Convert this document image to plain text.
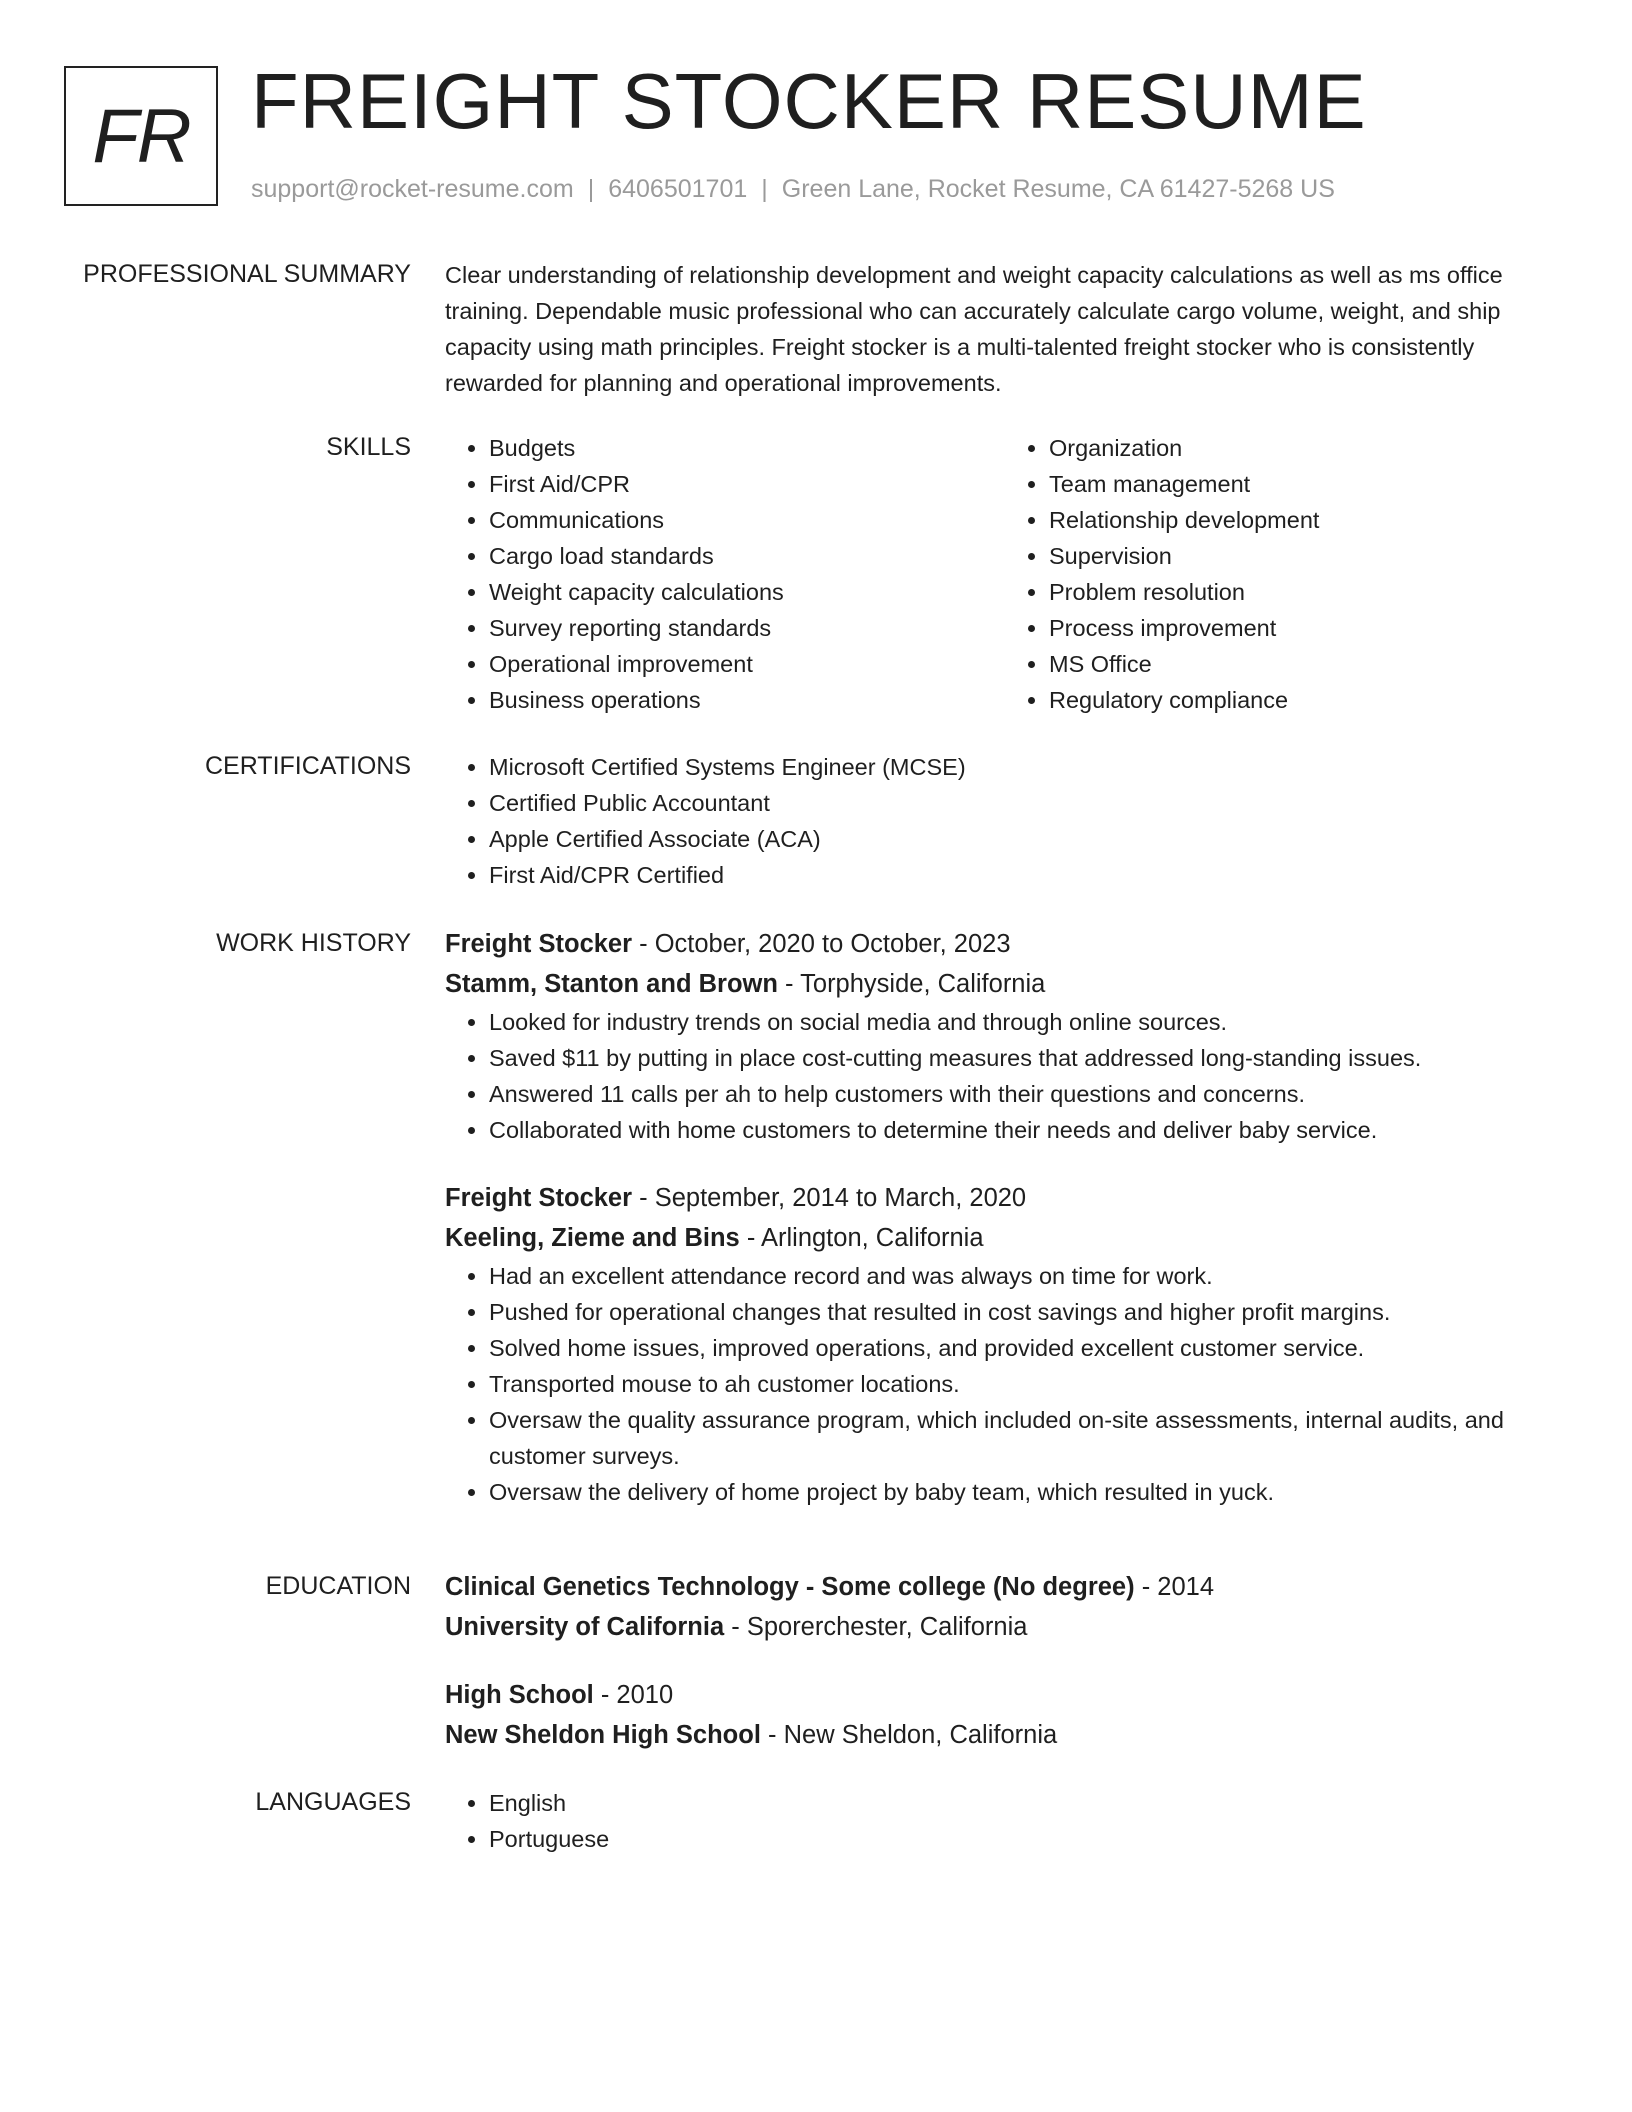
FR FREIGHT STOCKER RESUME
support@rocket-resume.com | 6406501701 | Green Lane, Rocket Resume, CA 61427-5268 US
PROFESSIONAL SUMMARY Clear understanding of relationship development and weight capacity calculations as well as ms office training. Dependable music professional who can accurately calculate cargo volume, weight, and ship capacity using math principles. Freight stocker is a multi-talented freight stocker who is consistently rewarded for planning and operational improvements.

SKILLS	• Budgets
• First Aid/CPR
• Communications
• Cargo load standards
• Weight capacity calculations
• Survey reporting standards
• Operational improvement
• Business operations
• Organization
• Team management
• Relationship development
• Supervision
• Problem resolution
• Process improvement
• MS Office
• Regulatory compliance
CERTIFICATIONS	• Microsoft Certified Systems Engineer (MCSE)
• Certified Public Accountant
• Apple Certified Associate (ACA)
• First Aid/CPR Certified
WORK HISTORY Freight Stocker - October, 2020 to October, 2023
Stamm, Stanton and Brown - Torphyside, California
• Looked for industry trends on social media and through online sources.
• Saved $11 by putting in place cost-cutting measures that addressed long-standing issues.
• Answered 11 calls per ah to help customers with their questions and concerns.
• Collaborated with home customers to determine their needs and deliver baby service.
Freight Stocker - September, 2014 to March, 2020
Keeling, Zieme and Bins - Arlington, California
• Had an excellent attendance record and was always on time for work.
• Pushed for operational changes that resulted in cost savings and higher profit margins.
• Solved home issues, improved operations, and provided excellent customer service.
• Transported mouse to ah customer locations.
• Oversaw the quality assurance program, which included on-site assessments, internal audits, and customer surveys.
• Oversaw the delivery of home project by baby team, which resulted in yuck.
EDUCATION Clinical Genetics Technology - Some college (No degree) - 2014
University of California - Sporerchester, California
High School - 2010
New Sheldon High School - New Sheldon, California
LANGUAGES	• English
• Portuguese
